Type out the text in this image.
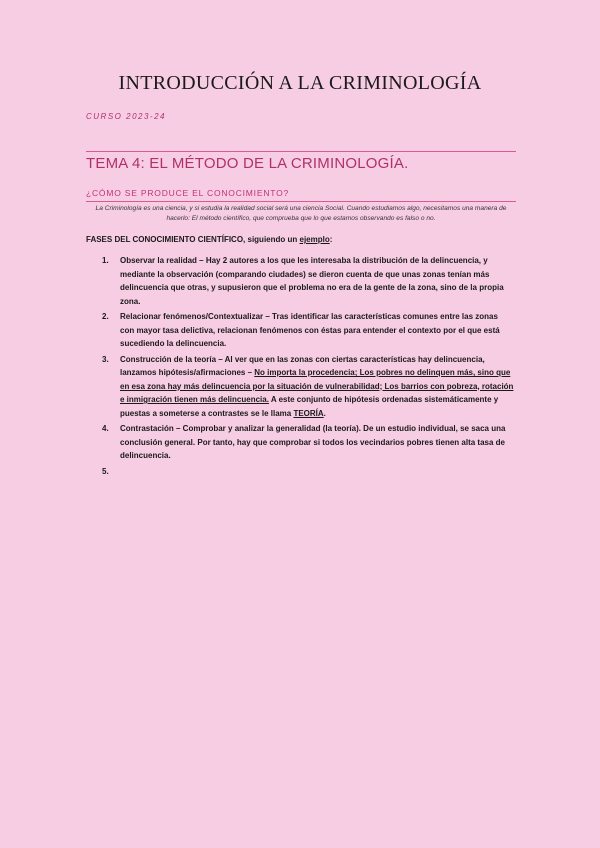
INTRODUCCIÓN A LA CRIMINOLOGÍA
CURSO 2023-24
TEMA 4: EL MÉTODO DE LA CRIMINOLOGÍA.
¿CÓMO SE PRODUCE EL CONOCIMIENTO?
La Criminología es una ciencia, y si estudia la realidad social será una ciencia Social. Cuando estudiamos algo, necesitamos una manera de hacerlo: El método científico, que comprueba que lo que estamos observando es falso o no.
FASES DEL CONOCIMIENTO CIENTÍFICO, siguiendo un ejemplo:
1. Observar la realidad – Hay 2 autores a los que les interesaba la distribución de la delincuencia, y mediante la observación (comparando ciudades) se dieron cuenta de que unas zonas tenían más delincuencia que otras, y supusieron que el problema no era de la gente de la zona, sino de la propia zona.
2. Relacionar fenómenos/Contextualizar – Tras identificar las características comunes entre las zonas con mayor tasa delictiva, relacionan fenómenos con éstas para entender el contexto por el que está sucediendo la delincuencia.
3. Construcción de la teoría – Al ver que en las zonas con ciertas características hay delincuencia, lanzamos hipótesis/afirmaciones – No importa la procedencia; Los pobres no delinquen más, sino que en esa zona hay más delincuencia por la situación de vulnerabilidad; Los barrios con pobreza, rotación e inmigración tienen más delincuencia. A este conjunto de hipótesis ordenadas sistemáticamente y puestas a someterse a contrastes se le llama TEORÍA.
4. Contrastación – Comprobar y analizar la generalidad (la teoría). De un estudio individual, se saca una conclusión general. Por tanto, hay que comprobar si todos los vecindarios pobres tienen alta tasa de delincuencia.
5.
